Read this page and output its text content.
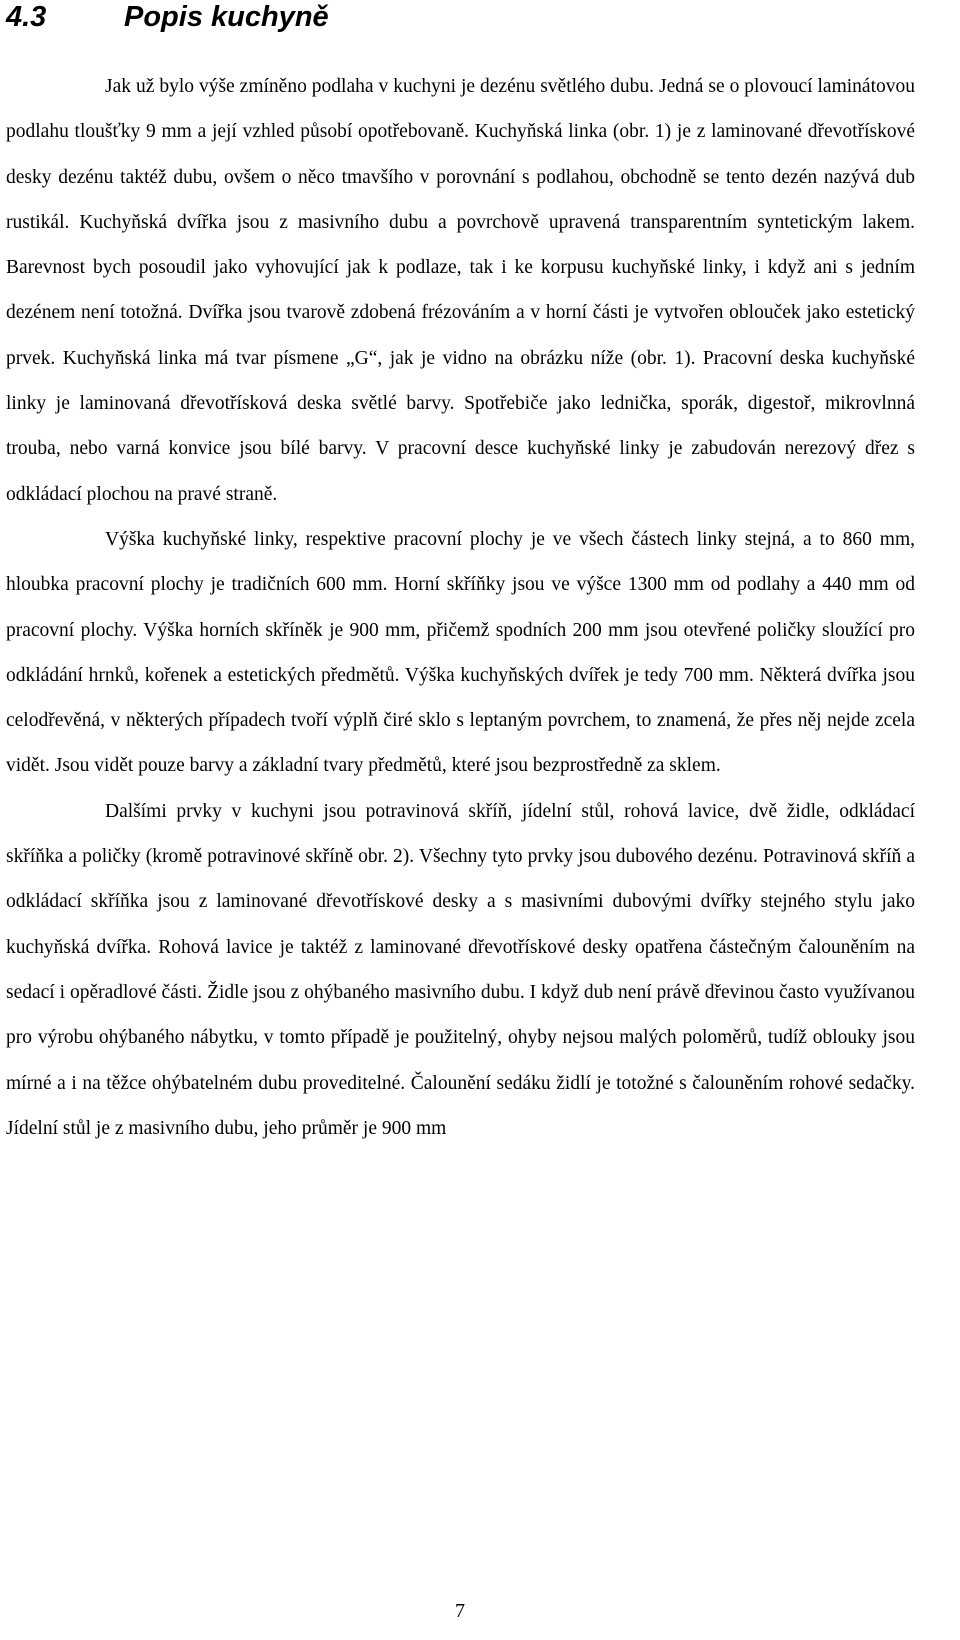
4.3	Popis kuchyně

Jak už bylo výše zmíněno podlaha v kuchyni je dezénu světlého dubu. Jedná se o plovoucí laminátovou podlahu tloušťky 9 mm a její vzhled působí opotřebovaně. Kuchyňská linka (obr. 1) je z laminované dřevotřískové desky dezénu taktéž dubu, ovšem o něco tmavšího v porovnání s podlahou, obchodně se tento dezén nazývá dub rustikál. Kuchyňská dvířka jsou z masivního dubu a povrchově upravená transparentním syntetickým lakem. Barevnost bych posoudil jako vyhovující jak k podlaze, tak i ke korpusu kuchyňské linky, i když ani s jedním dezénem není totožná. Dvířka jsou tvarově zdobená frézováním a v horní části je vytvořen oblouček jako estetický prvek. Kuchyňská linka má tvar písmene „G“, jak je vidno na obrázku níže (obr. 1). Pracovní deska kuchyňské linky je laminovaná dřevotřísková deska světlé barvy. Spotřebiče jako lednička, sporák, digestoř, mikrovlnná trouba, nebo varná konvice jsou bílé barvy. V pracovní desce kuchyňské linky je zabudován nerezový dřez s odkládací plochou na pravé straně.

Výška kuchyňské linky, respektive pracovní plochy je ve všech částech linky stejná, a to 860 mm, hloubka pracovní plochy je tradičních 600 mm. Horní skříňky jsou ve výšce 1300 mm od podlahy a 440 mm od pracovní plochy. Výška horních skříněk je 900 mm, přičemž spodních 200 mm jsou otevřené poličky sloužící pro odkládání hrnků, kořenek a estetických předmětů. Výška kuchyňských dvířek je tedy 700 mm. Některá dvířka jsou celodřevěná, v některých případech tvoří výplň čiré sklo s leptaným povrchem, to znamená, že přes něj nejde zcela vidět. Jsou vidět pouze barvy a základní tvary předmětů, které jsou bezprostředně za sklem.

Dalšími prvky v kuchyni jsou potravinová skříň, jídelní stůl, rohová lavice, dvě židle, odkládací skříňka a poličky (kromě potravinové skříně obr. 2). Všechny tyto prvky jsou dubového dezénu. Potravinová skříň a odkládací skříňka jsou z laminované dřevotřískové desky a s masivními dubovými dvířky stejného stylu jako kuchyňská dvířka. Rohová lavice je taktéž z laminované dřevotřískové desky opatřena částečným čalouněním na sedací i opěradlové části. Židle jsou z ohýbaného masivního dubu. I když dub není právě dřevinou často využívanou pro výrobu ohýbaného nábytku, v tomto případě je použitelný, ohyby nejsou malých poloměrů, tudíž oblouky jsou mírné a i na těžce ohýbatelném dubu proveditelné. Čalounění sedáku židlí je totožné s čalouněním rohové sedačky. Jídelní stůl je z masivního dubu, jeho průměr je 900 mm

7
